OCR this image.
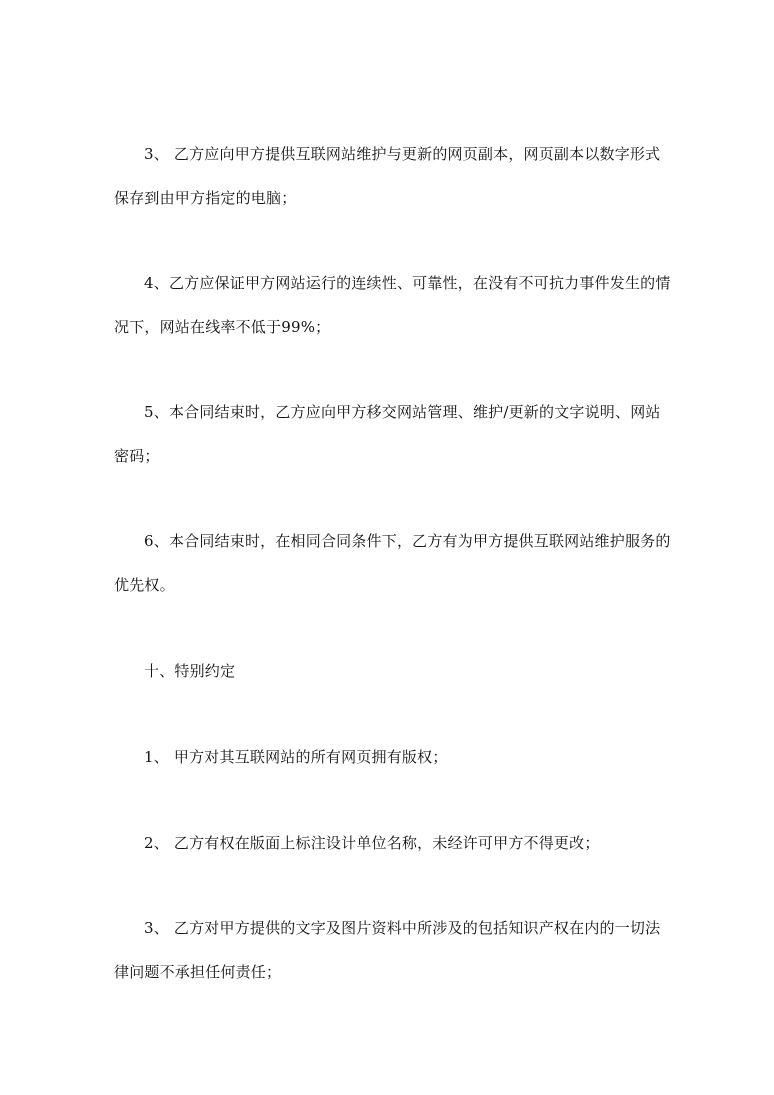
3、 乙方应向甲方提供互联网站维护与更新的网页副本，网页副本以数字形式
保存到由甲方指定的电脑；
4、乙方应保证甲方网站运行的连续性、可靠性，在没有不可抗力事件发生的情
况下，网站在线率不低于99%；
5、本合同结束时，乙方应向甲方移交网站管理、维护/更新的文字说明、网站
密码；
6、本合同结束时，在相同合同条件下，乙方有为甲方提供互联网站维护服务的
优先权。
十、特别约定
1、 甲方对其互联网站的所有网页拥有版权；
2、 乙方有权在版面上标注设计单位名称，未经许可甲方不得更改；
3、 乙方对甲方提供的文字及图片资料中所涉及的包括知识产权在内的一切法
律问题不承担任何责任；
